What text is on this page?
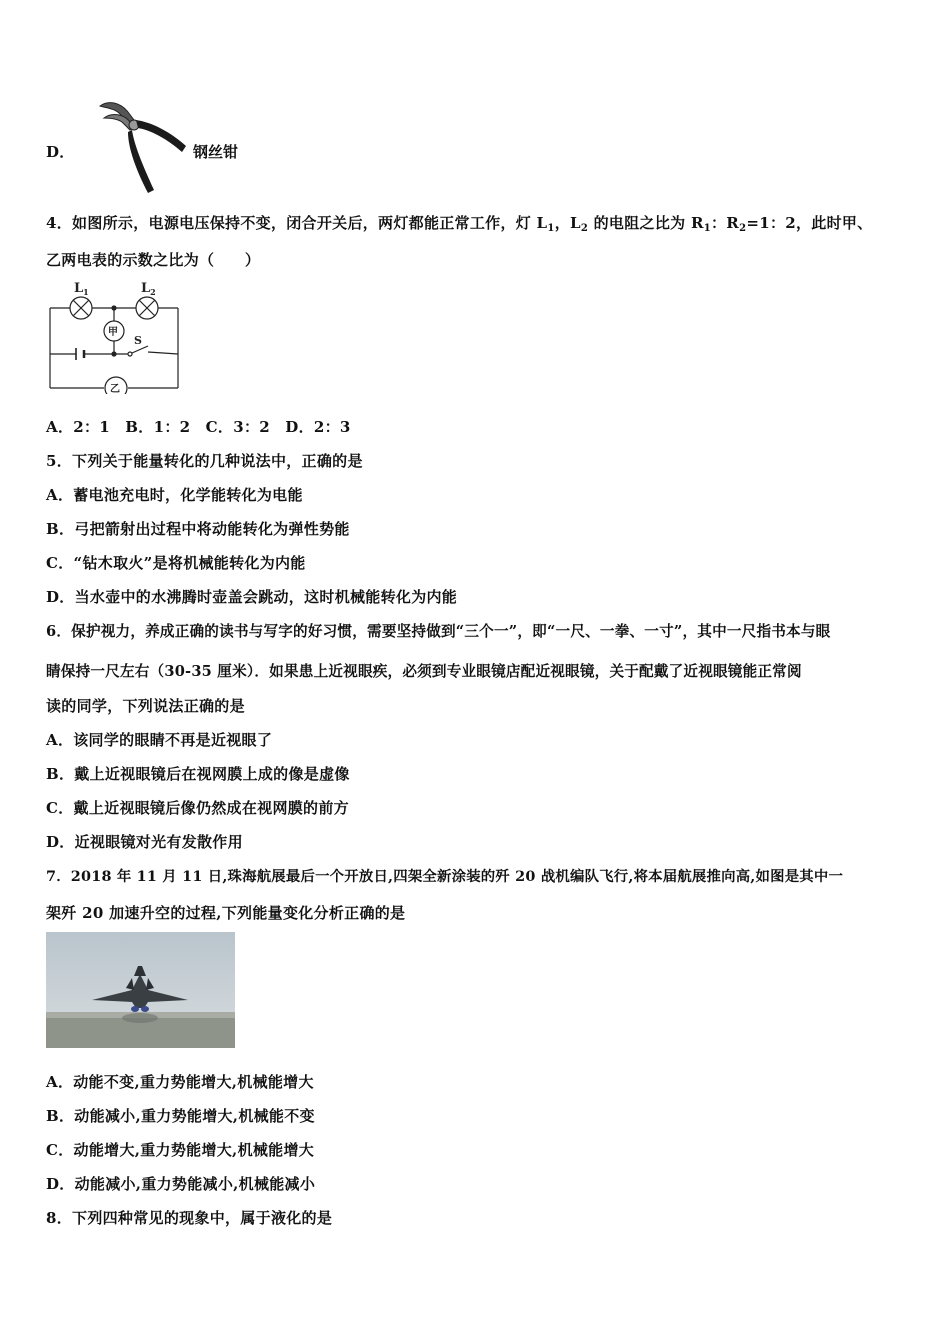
D．	钢丝钳
4．如图所示，电源电压保持不变，闭合开关后，两灯都能正常工作，灯 $L_1$，$L_2$ 的电阻之比为 $R_1$：$R_2=1$：2，此时甲、
乙两电表的示数之比为（　　）
$L_1$	$L_2$
甲
乙
S
A．2：1　B．1：2　C．3：2　D．2：3
5．下列关于能量转化的几种说法中，正确的是
A．蓄电池充电时，化学能转化为电能
B．弓把箭射出过程中将动能转化为弹性势能
C．“钻木取火”是将机械能转化为内能
D．当水壶中的水沸腾时壶盖会跳动，这时机械能转化为内能
6．保护视力，养成正确的读书与写字的好习惯，需要坚持做到“三个一”，即“一尺、一拳、一寸”，其中一尺指书本与眼
睛保持一尺左右（30-35 厘米）．如果患上近视眼疾，必须到专业眼镜店配近视眼镜，关于配戴了近视眼镜能正常阅
读的同学，下列说法正确的是
A．该同学的眼睛不再是近视眼了
B．戴上近视眼镜后在视网膜上成的像是虚像
C．戴上近视眼镜后像仍然成在视网膜的前方
D．近视眼镜对光有发散作用
7．2018 年 11 月 11 日,珠海航展最后一个开放日,四架全新涂装的歼 20 战机编队飞行,将本届航展推向高,如图是其中一
架歼 20 加速升空的过程,下列能量变化分析正确的是
A．动能不变,重力势能增大,机械能增大
B．动能减小,重力势能增大,机械能不变
C．动能增大,重力势能增大,机械能增大
D．动能减小,重力势能减小,机械能减小
8．下列四种常见的现象中，属于液化的是
